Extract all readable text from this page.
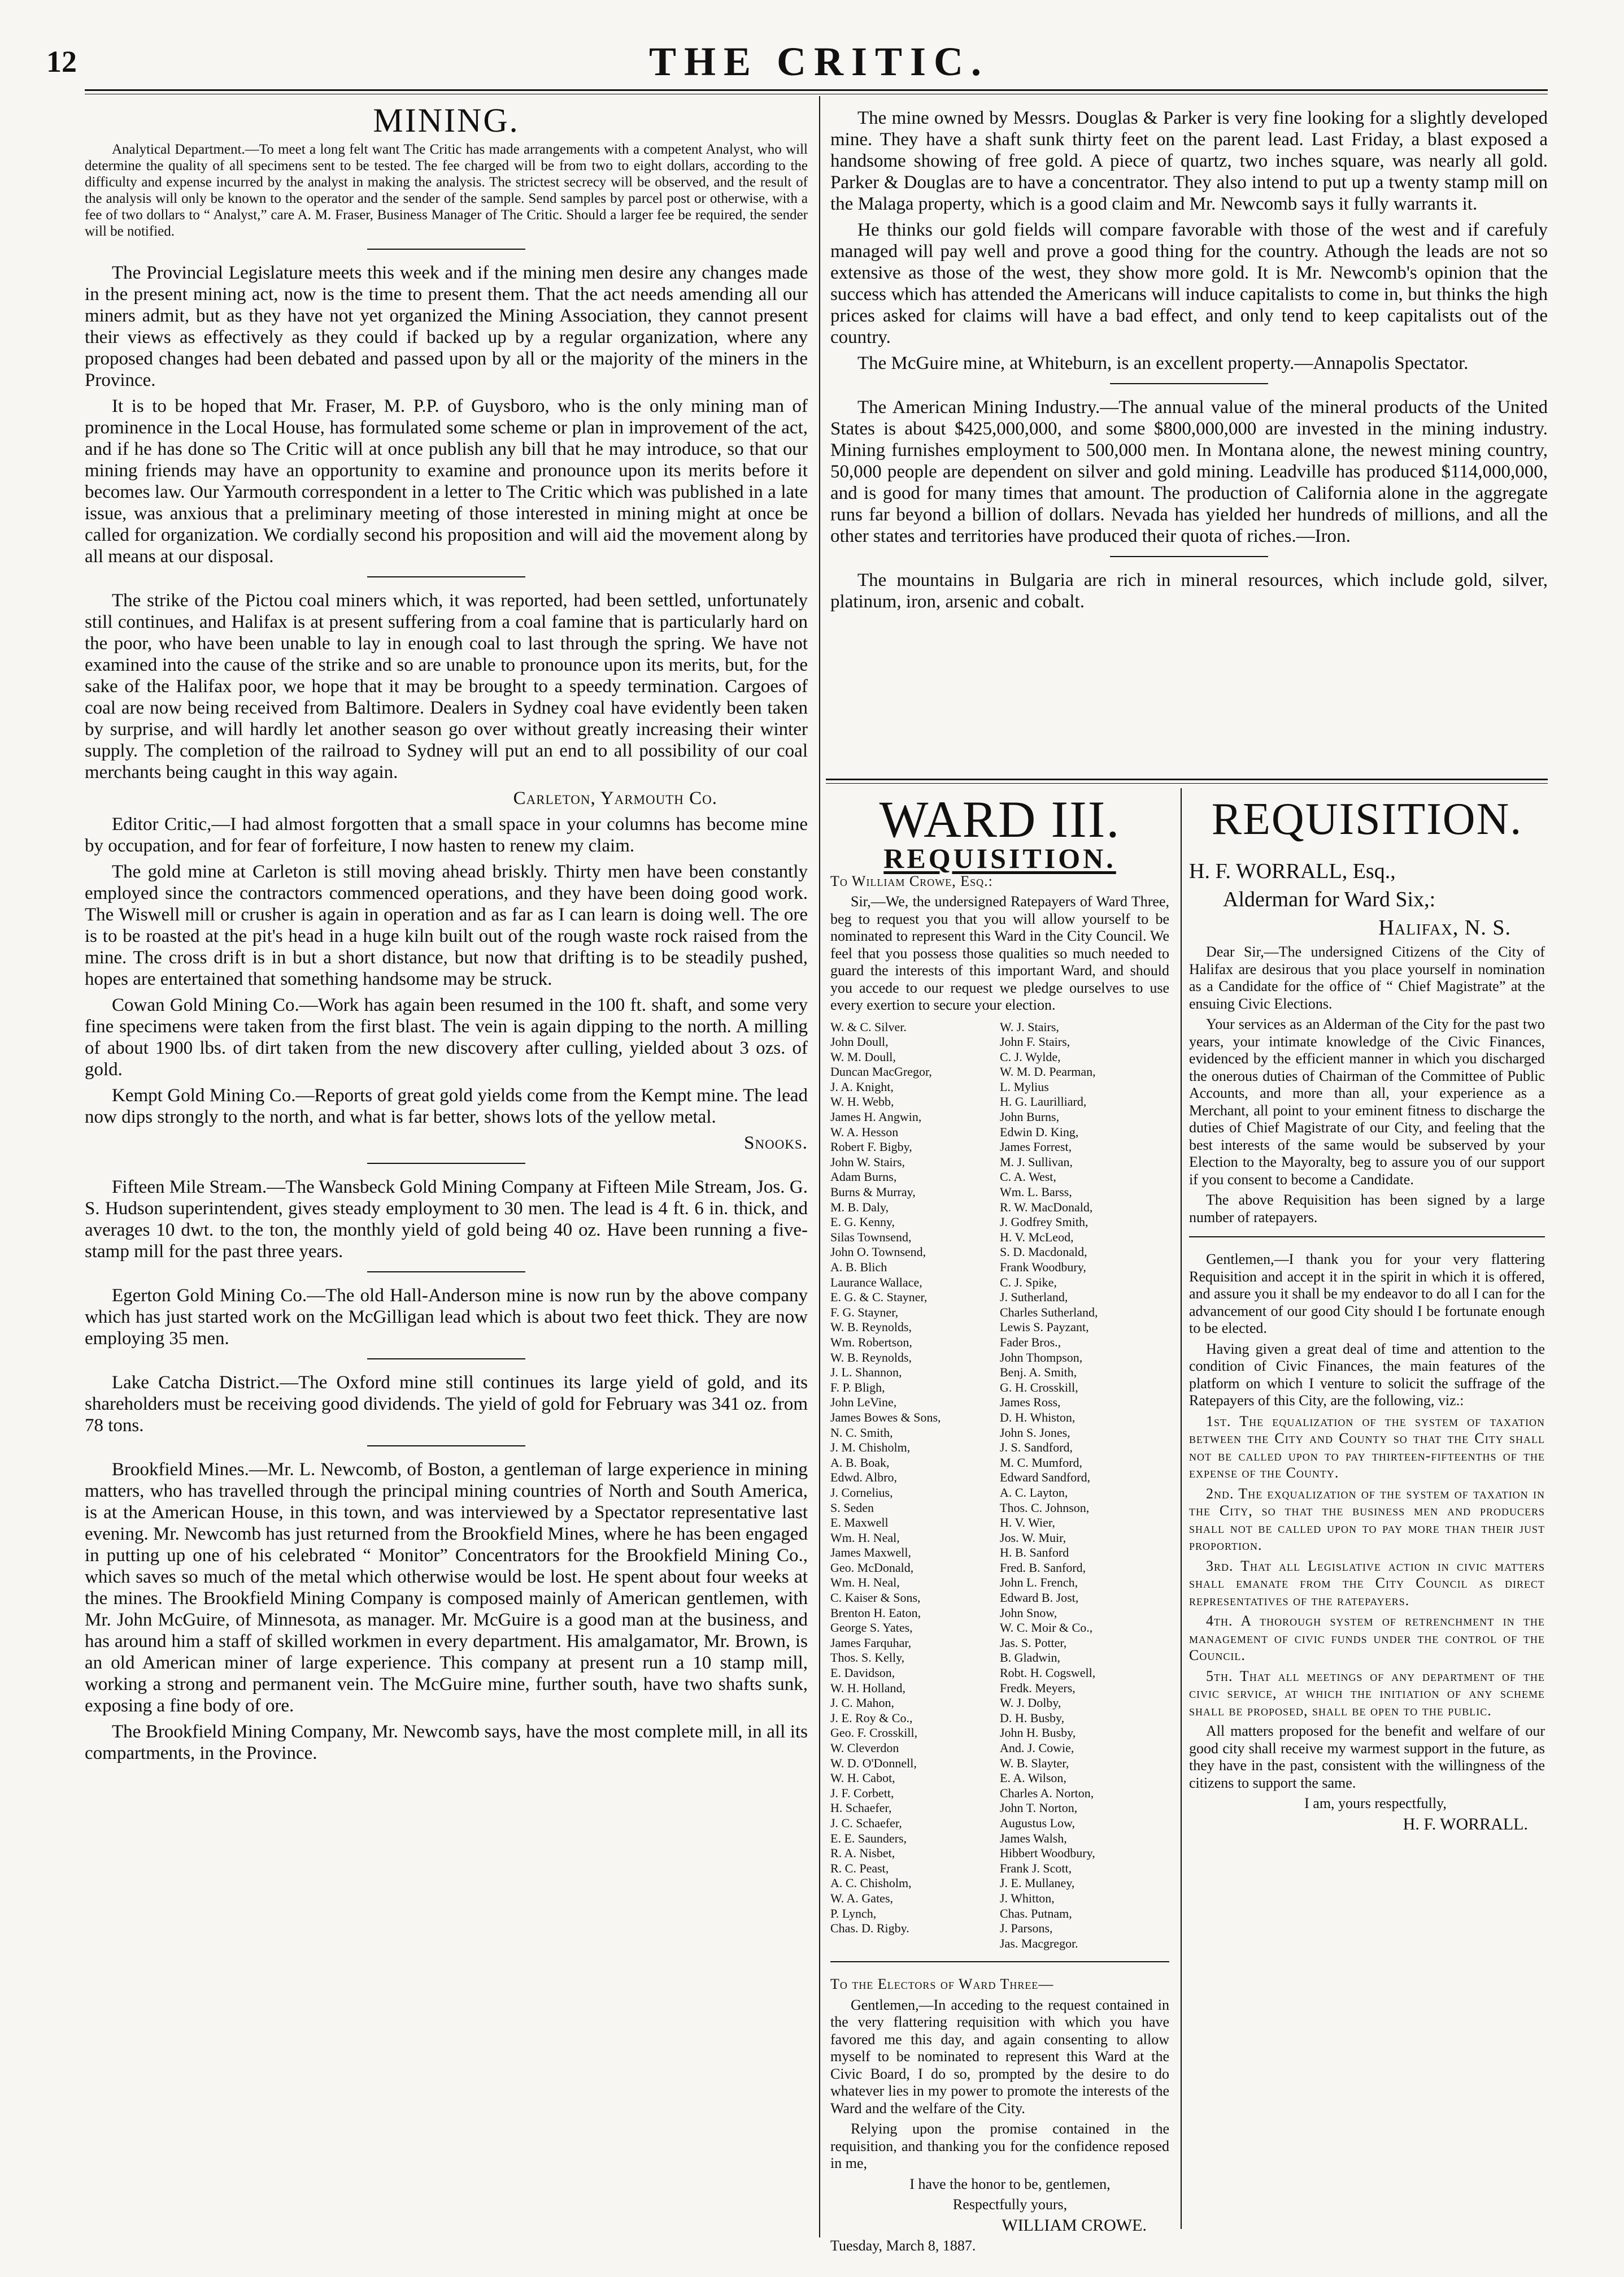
12	THE CRITIC.
MINING.

Analytical Department.—To meet a long felt want The Critic has made arrangements with a competent Analyst, who will determine the quality of all specimens sent to be tested. The fee charged will be from two to eight dollars, according to the difficulty and expense incurred by the analyst in making the analysis. The strictest secrecy will be observed, and the result of the analysis will only be known to the operator and the sender of the sample. Send samples by parcel post or otherwise, with a fee of two dollars to “ Analyst,” care A. M. Fraser, Business Manager of The Critic. Should a larger fee be required, the sender will be notified.

The Provincial Legislature meets this week and if the mining men desire any changes made in the present mining act, now is the time to present them. That the act needs amending all our miners admit, but as they have not yet organized the Mining Association, they cannot present their views as effectively as they could if backed up by a regular organization, where any proposed changes had been debated and passed upon by all or the majority of the miners in the Province.

It is to be hoped that Mr. Fraser, M. P.P. of Guysboro, who is the only mining man of prominence in the Local House, has formulated some scheme or plan in improvement of the act, and if he has done so The Critic will at once publish any bill that he may introduce, so that our mining friends may have an opportunity to examine and pronounce upon its merits before it becomes law. Our Yarmouth correspondent in a letter to The Critic which was published in a late issue, was anxious that a preliminary meeting of those interested in mining might at once be called for organization. We cordially second his proposition and will aid the movement along by all means at our disposal.

The strike of the Pictou coal miners which, it was reported, had been settled, unfortunately still continues, and Halifax is at present suffering from a coal famine that is particularly hard on the poor, who have been unable to lay in enough coal to last through the spring. We have not examined into the cause of the strike and so are unable to pronounce upon its merits, but, for the sake of the Halifax poor, we hope that it may be brought to a speedy termination. Cargoes of coal are now being received from Baltimore. Dealers in Sydney coal have evidently been taken by surprise, and will hardly let another season go over without greatly increasing their winter supply. The completion of the railroad to Sydney will put an end to all possibility of our coal merchants being caught in this way again.

Carleton, Yarmouth Co.

Editor Critic,—I had almost forgotten that a small space in your columns has become mine by occupation, and for fear of forfeiture, I now hasten to renew my claim.

The gold mine at Carleton is still moving ahead briskly. Thirty men have been constantly employed since the contractors commenced operations, and they have been doing good work. The Wiswell mill or crusher is again in operation and as far as I can learn is doing well. The ore is to be roasted at the pit's head in a huge kiln built out of the rough waste rock raised from the mine. The cross drift is in but a short distance, but now that drifting is to be steadily pushed, hopes are entertained that something handsome may be struck.

Cowan Gold Mining Co.—Work has again been resumed in the 100 ft. shaft, and some very fine specimens were taken from the first blast. The vein is again dipping to the north. A milling of about 1900 lbs. of dirt taken from the new discovery after culling, yielded about 3 ozs. of gold.

Kempt Gold Mining Co.—Reports of great gold yields come from the Kempt mine. The lead now dips strongly to the north, and what is far better, shows lots of the yellow metal.

Snooks.

Fifteen Mile Stream.—The Wansbeck Gold Mining Company at Fifteen Mile Stream, Jos. G. S. Hudson superintendent, gives steady employment to 30 men. The lead is 4 ft. 6 in. thick, and averages 10 dwt. to the ton, the monthly yield of gold being 40 oz. Have been running a five-stamp mill for the past three years.

Egerton Gold Mining Co.—The old Hall-Anderson mine is now run by the above company which has just started work on the McGilligan lead which is about two feet thick. They are now employing 35 men.

Lake Catcha District.—The Oxford mine still continues its large yield of gold, and its shareholders must be receiving good dividends. The yield of gold for February was 341 oz. from 78 tons.

Brookfield Mines.—Mr. L. Newcomb, of Boston, a gentleman of large experience in mining matters, who has travelled through the principal mining countries of North and South America, is at the American House, in this town, and was interviewed by a Spectator representative last evening. Mr. Newcomb has just returned from the Brookfield Mines, where he has been engaged in putting up one of his celebrated “ Monitor” Concentrators for the Brookfield Mining Co., which saves so much of the metal which otherwise would be lost. He spent about four weeks at the mines. The Brookfield Mining Company is composed mainly of American gentlemen, with Mr. John McGuire, of Minnesota, as manager. Mr. McGuire is a good man at the business, and has around him a staff of skilled workmen in every department. His amalgamator, Mr. Brown, is an old American miner of large experience. This company at present run a 10 stamp mill, working a strong and permanent vein. The McGuire mine, further south, have two shafts sunk, exposing a fine body of ore.

The Brookfield Mining Company, Mr. Newcomb says, have the most complete mill, in all its compartments, in the Province.

The mine owned by Messrs. Douglas & Parker is very fine looking for a slightly developed mine. They have a shaft sunk thirty feet on the parent lead. Last Friday, a blast exposed a handsome showing of free gold. A piece of quartz, two inches square, was nearly all gold. Parker & Douglas are to have a concentrator. They also intend to put up a twenty stamp mill on the Malaga property, which is a good claim and Mr. Newcomb says it fully warrants it.

He thinks our gold fields will compare favorable with those of the west and if carefuly managed will pay well and prove a good thing for the country. Athough the leads are not so extensive as those of the west, they show more gold. It is Mr. Newcomb's opinion that the success which has attended the Americans will induce capitalists to come in, but thinks the high prices asked for claims will have a bad effect, and only tend to keep capitalists out of the country.

The McGuire mine, at Whiteburn, is an excellent property.—Annapolis Spectator.

The American Mining Industry.—The annual value of the mineral products of the United States is about $425,000,000, and some $800,000,000 are invested in the mining industry. Mining furnishes employment to 500,000 men. In Montana alone, the newest mining country, 50,000 people are dependent on silver and gold mining. Leadville has produced $114,000,000, and is good for many times that amount. The production of California alone in the aggregate runs far beyond a billion of dollars. Nevada has yielded her hundreds of millions, and all the other states and territories have produced their quota of riches.—Iron.

The mountains in Bulgaria are rich in mineral resources, which include gold, silver, platinum, iron, arsenic and cobalt.

WARD III.
REQUISITION.

To William Crowe, Esq.:

Sir,—We, the undersigned Ratepayers of Ward Three, beg to request you that you will allow yourself to be nominated to represent this Ward in the City Council. We feel that you possess those qualities so much needed to guard the interests of this important Ward, and should you accede to our request we pledge ourselves to use every exertion to secure your election.

W. & C. Silver.
John Doull,
W. M. Doull,
Duncan MacGregor,
J. A. Knight,
W. H. Webb,
James H. Angwin,
W. A. Hesson
Robert F. Bigby,
John W. Stairs,
Adam Burns,
Burns & Murray,
M. B. Daly,
E. G. Kenny,
Silas Townsend,
John O. Townsend,
A. B. Blich
Laurance Wallace,
E. G. & C. Stayner,
F. G. Stayner,
W. B. Reynolds,
Wm. Robertson,
W. B. Reynolds,
J. L. Shannon,
F. P. Bligh,
John LeVine,
James Bowes & Sons,
N. C. Smith,
J. M. Chisholm,
A. B. Boak,
Edwd. Albro,
J. Cornelius,
S. Seden
E. Maxwell
Wm. H. Neal,
James Maxwell,
Geo. McDonald,
Wm. H. Neal,
C. Kaiser & Sons,
Brenton H. Eaton,
George S. Yates,
James Farquhar,
Thos. S. Kelly,
E. Davidson,
W. H. Holland,
J. C. Mahon,
J. E. Roy & Co.,
Geo. F. Crosskill,
W. Cleverdon
W. D. O'Donnell,
W. H. Cabot,
J. F. Corbett,
H. Schaefer,
J. C. Schaefer,
E. E. Saunders,
R. A. Nisbet,
R. C. Peast,
A. C. Chisholm,
W. A. Gates,
P. Lynch,
Chas. D. Rigby.
W. J. Stairs,
John F. Stairs,
C. J. Wylde,
W. M. D. Pearman,
L. Mylius
H. G. Laurilliard,
John Burns,
Edwin D. King,
James Forrest,
M. J. Sullivan,
C. A. West,
Wm. L. Barss,
R. W. MacDonald,
J. Godfrey Smith,
H. V. McLeod,
S. D. Macdonald,
Frank Woodbury,
C. J. Spike,
J. Sutherland,
Charles Sutherland,
Lewis S. Payzant,
Fader Bros.,
John Thompson,
Benj. A. Smith,
G. H. Crosskill,
James Ross,
D. H. Whiston,
John S. Jones,
J. S. Sandford,
M. C. Mumford,
Edward Sandford,
A. C. Layton,
Thos. C. Johnson,
H. V. Wier,
Jos. W. Muir,
H. B. Sanford
Fred. B. Sanford,
John L. French,
Edward B. Jost,
John Snow,
W. C. Moir & Co.,
Jas. S. Potter,
B. Gladwin,
Robt. H. Cogswell,
Fredk. Meyers,
W. J. Dolby,
D. H. Busby,
John H. Busby,
And. J. Cowie,
W. B. Slayter,
E. A. Wilson,
Charles A. Norton,
John T. Norton,
Augustus Low,
James Walsh,
Hibbert Woodbury,
Frank J. Scott,
J. E. Mullaney,
J. Whitton,
Chas. Putnam,
J. Parsons,
Jas. Macgregor.

To the Electors of Ward Three—

Gentlemen,—In acceding to the request contained in the very flattering requisition with which you have favored me this day, and again consenting to allow myself to be nominated to represent this Ward at the Civic Board, I do so, prompted by the desire to do whatever lies in my power to promote the interests of the Ward and the welfare of the City.

Relying upon the promise contained in the requisition, and thanking you for the confidence reposed in me,

I have the honor to be, gentlemen,

Respectfully yours,

WILLIAM CROWE.

Tuesday, March 8, 1887.

REQUISITION.

H. F. WORRALL, Esq.,

Alderman for Ward Six,:

Halifax, N. S.

Dear Sir,—The undersigned Citizens of the City of Halifax are desirous that you place yourself in nomination as a Candidate for the office of “ Chief Magistrate” at the ensuing Civic Elections.

Your services as an Alderman of the City for the past two years, your intimate knowledge of the Civic Finances, evidenced by the efficient manner in which you discharged the onerous duties of Chairman of the Committee of Public Accounts, and more than all, your experience as a Merchant, all point to your eminent fitness to discharge the duties of Chief Magistrate of our City, and feeling that the best interests of the same would be subserved by your Election to the Mayoralty, beg to assure you of our support if you consent to become a Candidate.

The above Requisition has been signed by a large number of ratepayers.

Gentlemen,—I thank you for your very flattering Requisition and accept it in the spirit in which it is offered, and assure you it shall be my endeavor to do all I can for the advancement of our good City should I be fortunate enough to be elected.

Having given a great deal of time and attention to the condition of Civic Finances, the main features of the platform on which I venture to solicit the suffrage of the Ratepayers of this City, are the following, viz.:

1st. The equalization of the system of taxation between the City and County so that the City shall not be called upon to pay thirteen-fifteenths of the expense of the County.

2nd. The exqualization of the system of taxation in the City, so that the business men and producers shall not be called upon to pay more than their just proportion.

3rd. That all Legislative action in civic matters shall emanate from the City Council as direct representatives of the ratepayers.

4th. A thorough system of retrenchment in the management of civic funds under the control of the Council.

5th. That all meetings of any department of the civic service, at which the initiation of any scheme shall be proposed, shall be open to the public.

All matters proposed for the benefit and welfare of our good city shall receive my warmest support in the future, as they have in the past, consistent with the willingness of the citizens to support the same.

I am, yours respectfully,

H. F. WORRALL.
